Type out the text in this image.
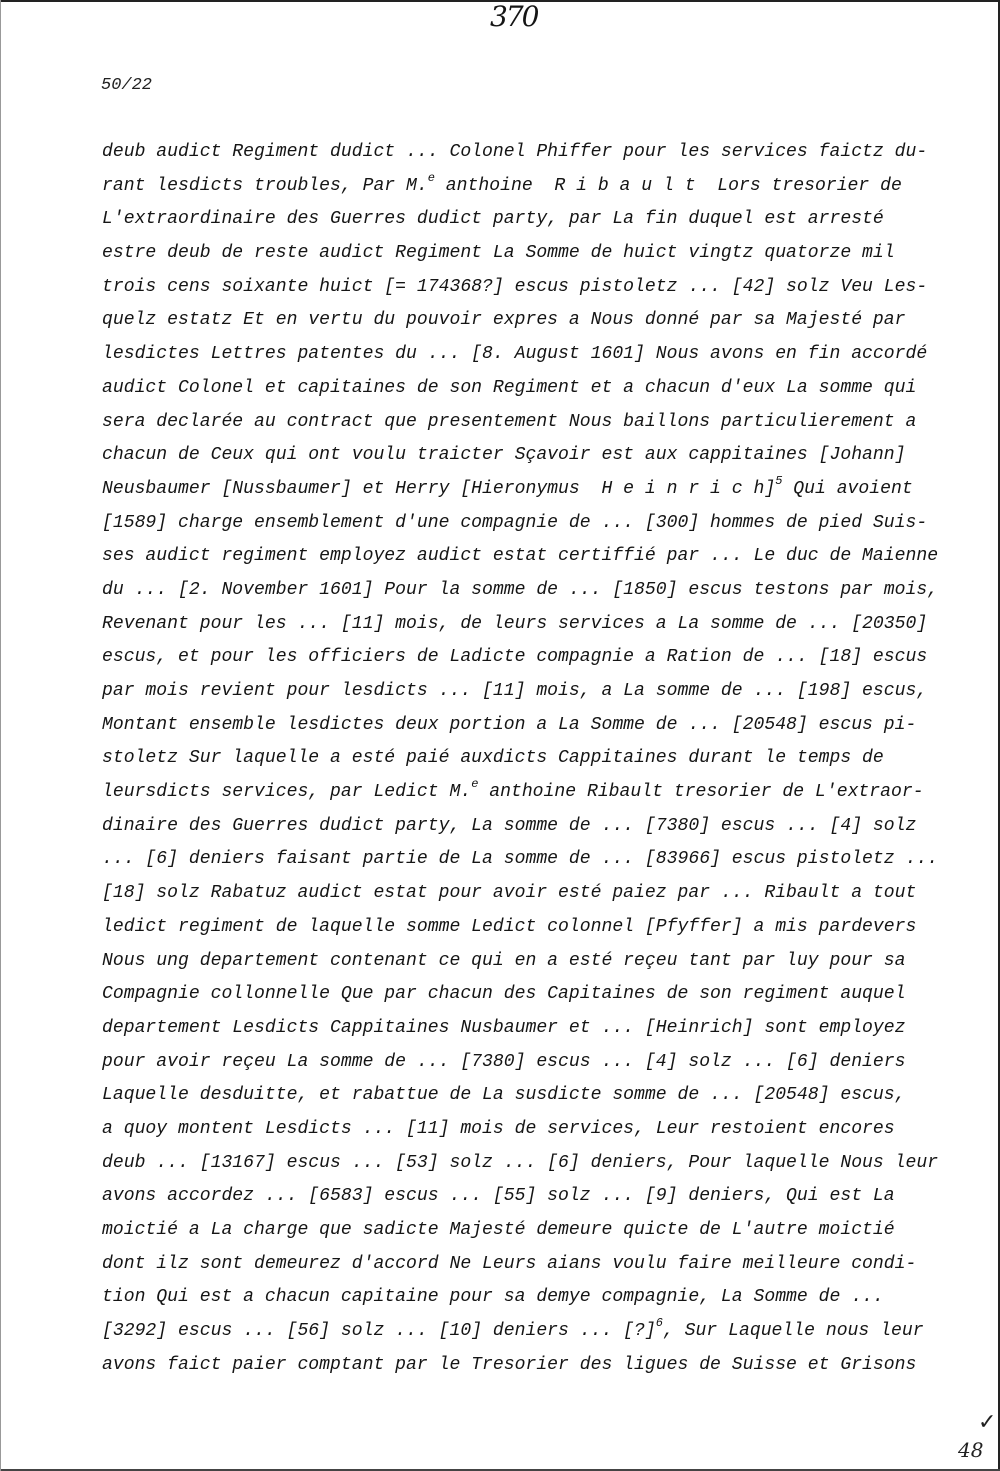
370
50/22
deub audict Regiment dudict ... Colonel Phiffer pour les services faictz du-
rant lesdicts troubles, Par M.$^e$ anthoine  R i b a u l t  Lors tresorier de
L'extraordinaire des Guerres dudict party, par La fin duquel est arresté
estre deub de reste audict Regiment La Somme de huict vingtz quatorze mil
trois cens soixante huict [= 174368?] escus pistoletz ... [42] solz Veu Les-
quelz estatz Et en vertu du pouvoir expres a Nous donné par sa Majesté par
lesdictes Lettres patentes du ... [8. August 1601] Nous avons en fin accordé
audict Colonel et capitaines de son Regiment et a chacun d'eux La somme qui
sera declarée au contract que presentement Nous baillons particulierement a
chacun de Ceux qui ont voulu traicter Sçavoir est aux cappitaines [Johann]
Neusbaumer [Nussbaumer] et Herry [Hieronymus  H e i n r i c h]$^5$ Qui avoient
[1589] charge ensemblement d'une compagnie de ... [300] hommes de pied Suis-
ses audict regiment employez audict estat certiffié par ... Le duc de Maienne
du ... [2. November 1601] Pour la somme de ... [1850] escus testons par mois,
Revenant pour les ... [11] mois, de leurs services a La somme de ... [20350]
escus, et pour les officiers de Ladicte compagnie a Ration de ... [18] escus
par mois revient pour lesdicts ... [11] mois, a La somme de ... [198] escus,
Montant ensemble lesdictes deux portion a La Somme de ... [20548] escus pi-
stoletz Sur laquelle a esté paié auxdicts Cappitaines durant le temps de
leursdicts services, par Ledict M.$^e$ anthoine Ribault tresorier de L'extraor-
dinaire des Guerres dudict party, La somme de ... [7380] escus ... [4] solz
... [6] deniers faisant partie de La somme de ... [83966] escus pistoletz ...
[18] solz Rabatuz audict estat pour avoir esté paiez par ... Ribault a tout
ledict regiment de laquelle somme Ledict colonnel [Pfyffer] a mis pardevers
Nous ung departement contenant ce qui en a esté reçeu tant par luy pour sa
Compagnie collonnelle Que par chacun des Capitaines de son regiment auquel
departement Lesdicts Cappitaines Nusbaumer et ... [Heinrich] sont employez
pour avoir reçeu La somme de ... [7380] escus ... [4] solz ... [6] deniers
Laquelle desduitte, et rabattue de La susdicte somme de ... [20548] escus,
a quoy montent Lesdicts ... [11] mois de services, Leur restoient encores
deub ... [13167] escus ... [53] solz ... [6] deniers, Pour laquelle Nous leur
avons accordez ... [6583] escus ... [55] solz ... [9] deniers, Qui est La
moictié a La charge que sadicte Majesté demeure quicte de L'autre moictié
dont ilz sont demeurez d'accord Ne Leurs aians voulu faire meilleure condi-
tion Qui est a chacun capitaine pour sa demye compagnie, La Somme de ...
[3292] escus ... [56] solz ... [10] deniers ... [?]$^6$, Sur Laquelle nous leur
avons faict paier comptant par le Tresorier des ligues de Suisse et Grisons
✓
48
